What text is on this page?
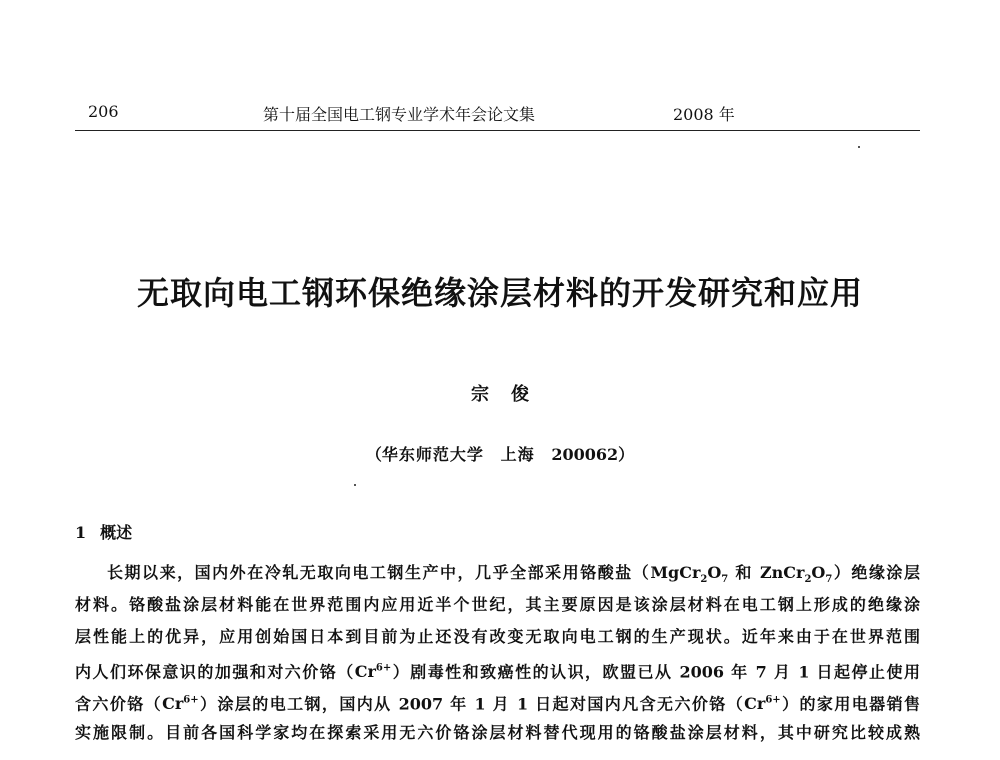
206	第十届全国电工钢专业学术年会论文集	2008 年
无取向电工钢环保绝缘涂层材料的开发研究和应用
宗俊
（华东师范大学 上海 200062）
1 概述
长期以来，国内外在冷轧无取向电工钢生产中，几乎全部采用铬酸盐（$MgCr_2O_7$ 和 $ZnCr_2O_7$）绝缘涂层
材料。铬酸盐涂层材料能在世界范围内应用近半个世纪，其主要原因是该涂层材料在电工钢上形成的绝缘涂
层性能上的优异，应用创始国日本到目前为止还没有改变无取向电工钢的生产现状。近年来由于在世界范围
内人们环保意识的加强和对六价铬$(Cr^{6+})$剧毒性和致癌性的认识，欧盟已从 2006 年 7 月 1 日起停止使用
含六价铬$(Cr^{6+})$涂层的电工钢，国内从 2007 年 1 月 1 日起对国内凡含无六价铬$(Cr^{6+})$的家用电器销售
实施限制。目前各国科学家均在探索采用无六价铬涂层材料替代现用的铬酸盐涂层材料，其中研究比较成熟
